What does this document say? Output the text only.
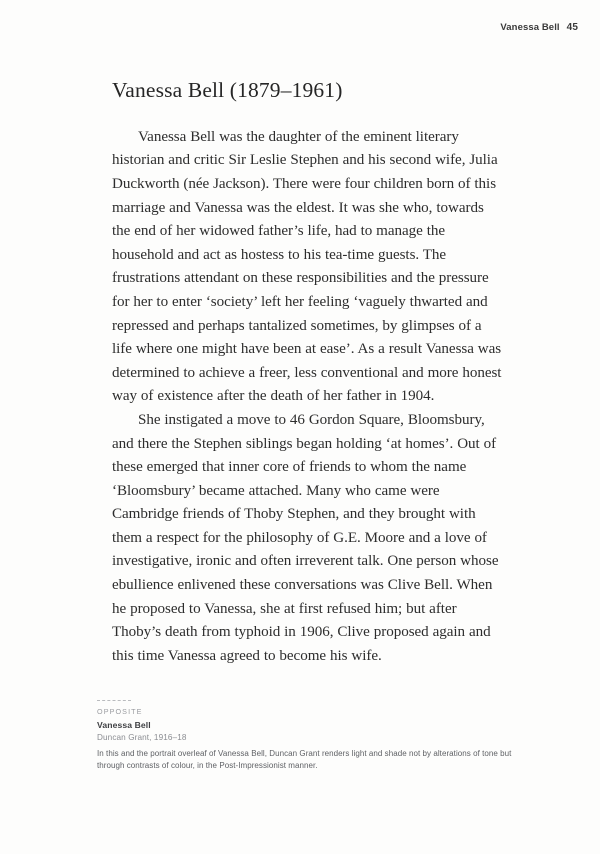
Vanessa Bell 45
Vanessa Bell (1879–1961)

Vanessa Bell was the daughter of the eminent literary historian and critic Sir Leslie Stephen and his second wife, Julia Duckworth (née Jackson). There were four children born of this marriage and Vanessa was the eldest. It was she who, towards the end of her widowed father’s life, had to manage the household and act as hostess to his tea-time guests. The frustrations attendant on these responsibilities and the pressure for her to enter ‘society’ left her feeling ‘vaguely thwarted and repressed and perhaps tantalized sometimes, by glimpses of a life where one might have been at ease’. As a result Vanessa was determined to achieve a freer, less conventional and more honest way of existence after the death of her father in 1904.

She instigated a move to 46 Gordon Square, Bloomsbury, and there the Stephen siblings began holding ‘at homes’. Out of these emerged that inner core of friends to whom the name ‘Bloomsbury’ became attached. Many who came were Cambridge friends of Thoby Stephen, and they brought with them a respect for the philosophy of G.E. Moore and a love of investigative, ironic and often irreverent talk. One person whose ebullience enlivened these conversations was Clive Bell. When he proposed to Vanessa, she at first refused him; but after Thoby’s death from typhoid in 1906, Clive proposed again and this time Vanessa agreed to become his wife.

OPPOSITE
Vanessa Bell
Duncan Grant, 1916–18
In this and the portrait overleaf of Vanessa Bell, Duncan Grant renders light and shade not by alterations of tone but through contrasts of colour, in the Post-Impressionist manner.
